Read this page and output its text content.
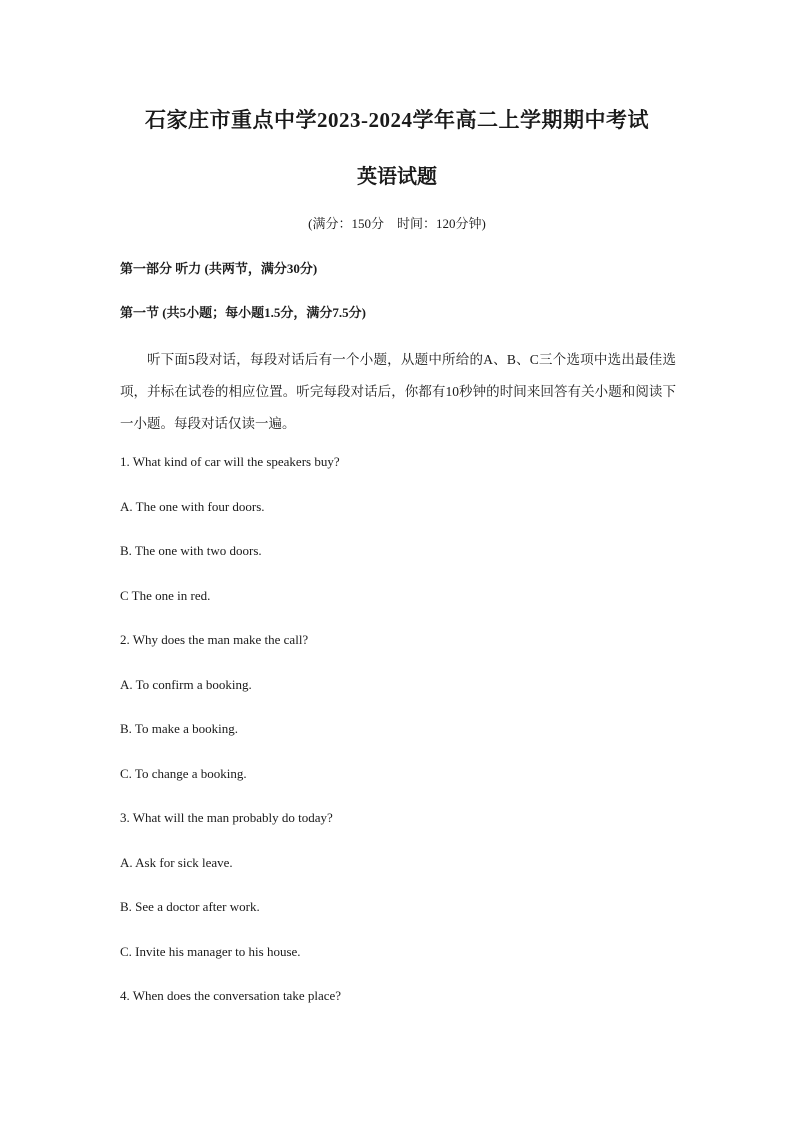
石家庄市重点中学2023-2024学年高二上学期期中考试
英语试题
(满分：150分　时间：120分钟)
第一部分 听力 (共两节，满分30分)
第一节 (共5小题；每小题1.5分，满分7.5分)
听下面5段对话，每段对话后有一个小题，从题中所给的A、B、C三个选项中选出最佳选项，并标在试卷的相应位置。听完每段对话后，你都有10秒钟的时间来回答有关小题和阅读下一小题。每段对话仅读一遍。
1. What kind of car will the speakers buy?
A. The one with four doors.
B. The one with two doors.
C The one in red.
2. Why does the man make the call?
A. To confirm a booking.
B. To make a booking.
C. To change a booking.
3. What will the man probably do today?
A. Ask for sick leave.
B. See a doctor after work.
C. Invite his manager to his house.
4. When does the conversation take place?
